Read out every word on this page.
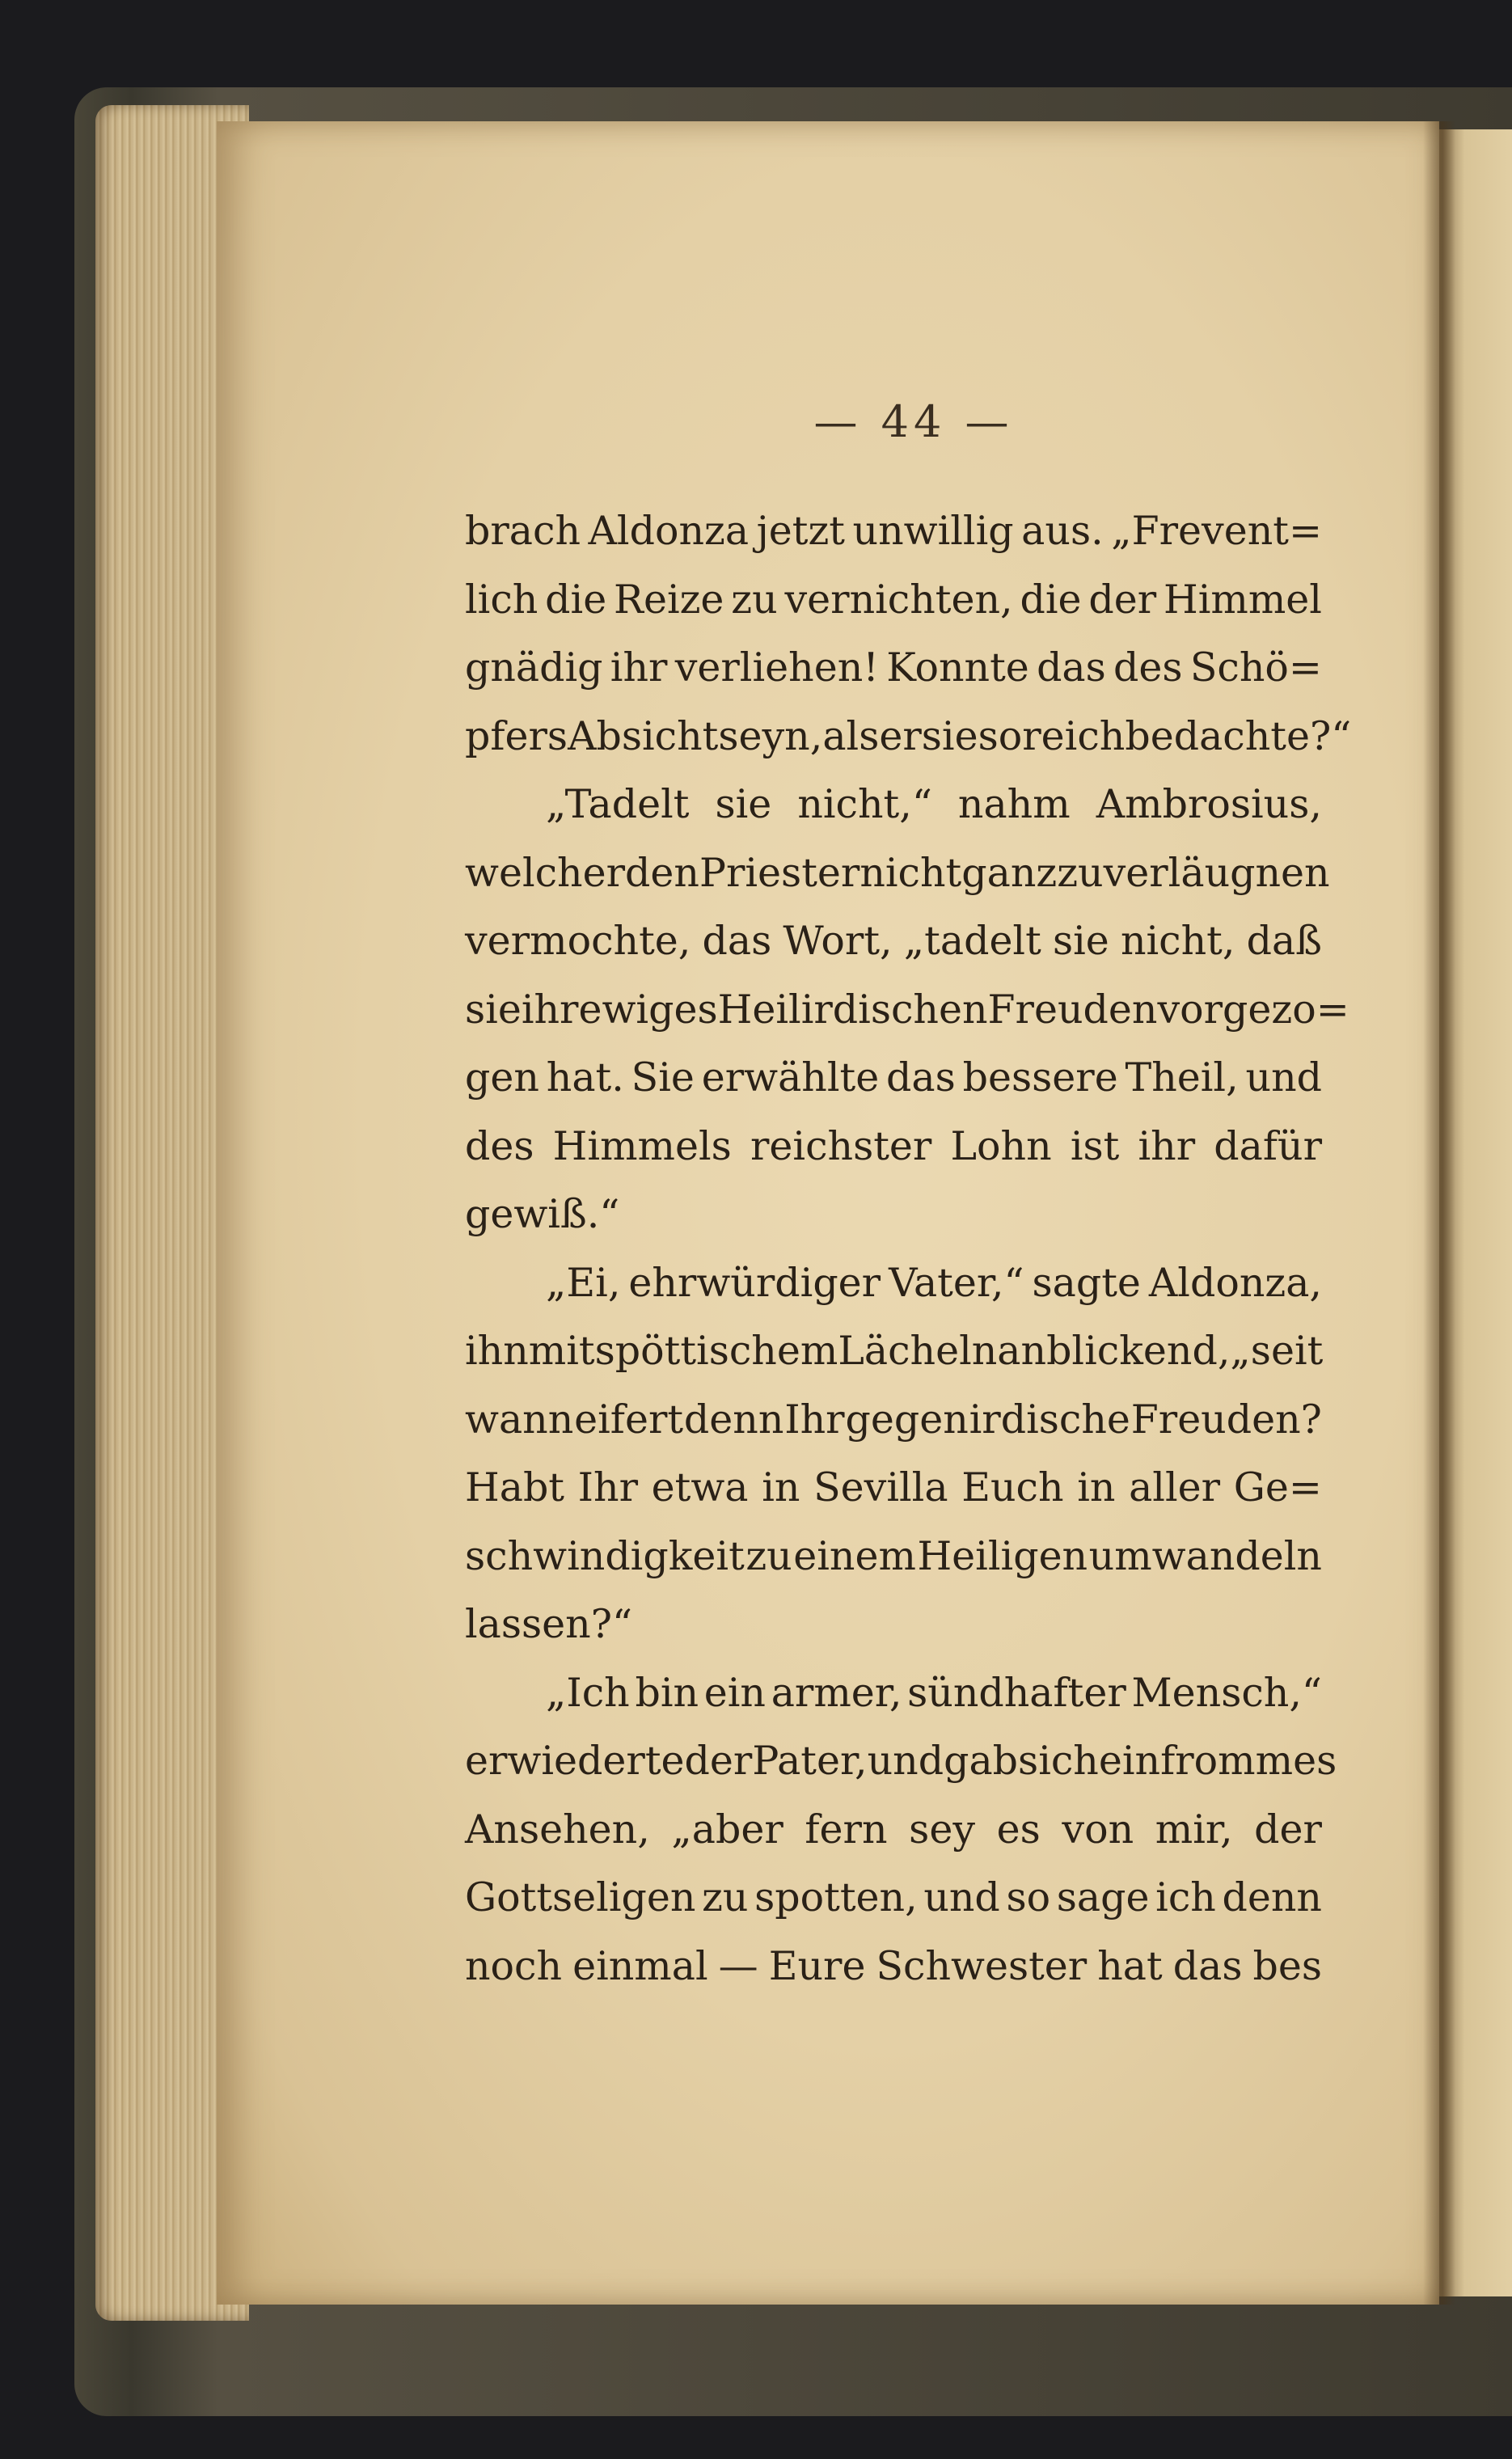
— 44 —
brach Aldonza jetzt unwillig aus. „Frevent=
lich die Reize zu vernichten, die der Himmel
gnädig ihr verliehen! Konnte das des Schö=
pfers Absicht seyn, als er sie so reich bedachte?“
„Tadelt sie nicht,“ nahm Ambrosius,
welcher den Priester nicht ganz zu verläugnen
vermochte, das Wort, „tadelt sie nicht, daß
sie ihr ewiges Heil irdischen Freuden vorgezo=
gen hat. Sie erwählte das bessere Theil, und
des Himmels reichster Lohn ist ihr dafür
gewiß.“
„Ei, ehrwürdiger Vater,“ sagte Aldonza,
ihn mit spöttischem Lächeln anblickend, „seit
wann eifert denn Ihr gegen irdische Freuden?
Habt Ihr etwa in Sevilla Euch in aller Ge=
schwindigkeit zu einem Heiligen umwandeln
lassen?“
„Ich bin ein armer, sündhafter Mensch,“
erwiederte der Pater, und gab sich ein frommes
Ansehen, „aber fern sey es von mir, der
Gottseligen zu spotten, und so sage ich denn
noch einmal — Eure Schwester hat das bes
